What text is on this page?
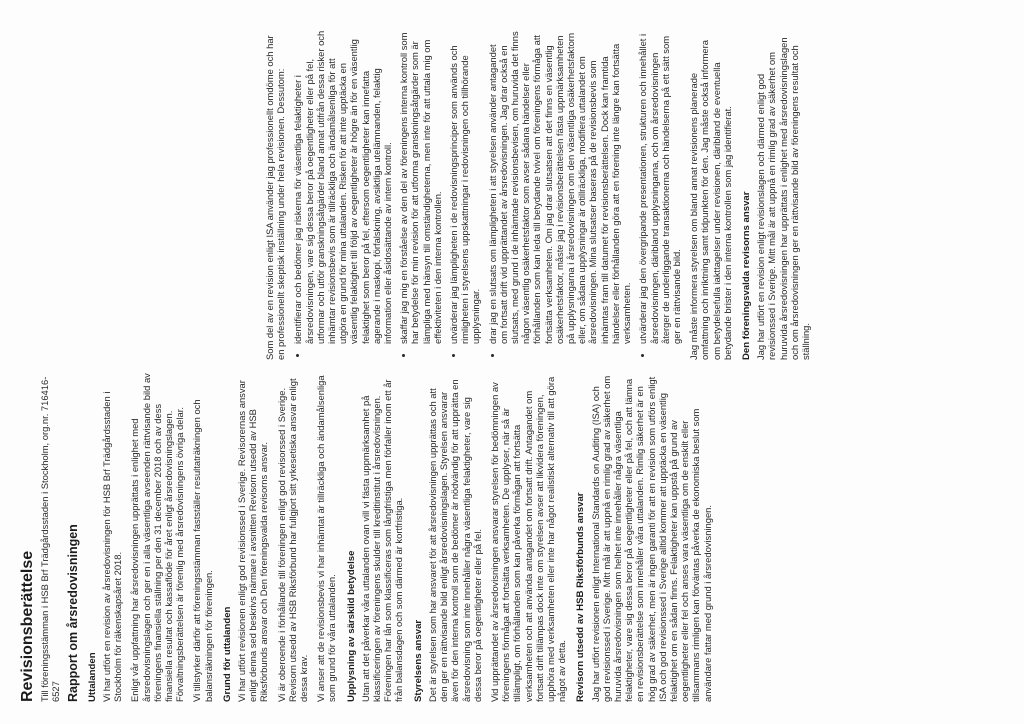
Revisionsberättelse Till föreningsstämman i HSB Brf Trädgårdsstaden i Stockholm, org.nr. 716416-6527 Rapport om årsredovisningen Uttalanden Vi har utfört en revision av årsredovisningen för HSB Brf Trädgårdsstaden i Stockholm för räkenskapsåret 2018. Enligt vår uppfattning har årsredovisningen upprättats i enlighet med årsredovisningslagen och ger en i alla väsentliga avseenden rättvisande bild av föreningens finansiella ställning per den 31 december 2018 och av dess finansiella resultat och kassaflöde för året enligt årsredovisningslagen. Förvaltningsberättelsen är förenlig med årsredovisningens övriga delar. Vi tillstyrker därför att föreningsstämman fastställer resultaträkningen och balansräkningen för föreningen. Grund för uttalanden Vi har utfört revisionen enligt god revisionssed i Sverige. Revisorernas ansvar enligt denna sed beskrivs närmare i avsnitten Revisorn utsedd av HSB Riksförbunds ansvar och Den föreningsvalda revisorns ansvar. Vi är oberoende i förhållande till föreningen enligt god revisorssed i Sverige. Revisorn utsedd av HSB Riksförbund har fullgjort sitt yrkesetiska ansvar enligt dessa krav. Vi anser att de revisionsbevis vi har inhämtat är tillräckliga och ändamålsenliga som grund för våra uttalanden. Upplysning av särskild betydelse Utan att det påverkar våra uttalanden ovan vill vi fästa uppmärksamhet på klassificeringen av föreningens skulder till kreditinstitut i årsredovisningen. Föreningen har lån som klassificeras som långfristiga men förfaller inom ett år från balansdagen och som därmed är kortfristiga. Styrelsens ansvar Det är styrelsen som har ansvaret för att årsredovisningen upprättas och att den ger en rättvisande bild enligt årsredovisningslagen. Styrelsen ansvarar även för den interna kontroll som de bedömer är nödvändig för att upprätta en årsredovisning som inte innehåller några väsentliga felaktigheter, vare sig dessa beror på oegentligheter eller på fel. Vid upprättandet av årsredovisningen ansvarar styrelsen för bedömningen av föreningens förmåga att fortsätta verksamheten. De upplyser, när så är tillämpligt, om förhållanden som kan påverka förmågan att fortsätta verksamheten och att använda antagandet om fortsatt drift. Antagandet om fortsatt drift tillämpas dock inte om styrelsen avser att likvidera föreningen, upphöra med verksamheten eller inte har något realistiskt alternativ till att göra något av detta. Revisorn utsedd av HSB Riksförbunds ansvar Jag har utfört revisionen enligt International Standards on Auditing (ISA) och god revisionssed i Sverige. Mitt mål är att uppnå en rimlig grad av säkerhet om huruvida årsredovisningen som helhet inte innehåller några väsentliga felaktigheter, vare sig dessa beror på oegentligheter eller på fel, och att lämna en revisionsberättelse som innehåller våra uttalanden. Rimlig säkerhet är en hög grad av säkerhet, men är ingen garanti för att en revision som utförs enligt ISA och god revisionssed i Sverige alltid kommer att upptäcka en väsentlig felaktighet om en sådan finns. Felaktigheter kan uppstå på grund av oegentligheter eller fel och anses vara väsentliga om de enskilt eller tillsammans rimligen kan förväntas påverka de ekonomiska beslut som användare fattar med grund i årsredovisningen.

Som del av en revision enligt ISA använder jag professionellt omdöme och har en professionellt skeptisk inställning under hela revisionen. Dessutom: • identifierar och bedömer jag riskerna för väsentliga felaktigheter i årsredovisningen, vare sig dessa beror på oegentligheter eller på fel, utformar och utför granskningsåtgärder bland annat utifrån dessa risker och inhämtar revisionsbevis som är tillräckliga och ändamålsenliga för att utgöra en grund för mina uttalanden. Risken för att inte upptäcka en väsentlig felaktighet till följd av oegentligheter är högre än för en väsentlig felaktighet som beror på fel, eftersom oegentligheter kan innefatta agerande i maskopi, förfalskning, avsiktliga utelämnanden, felaktig information eller åsidosättande av intern kontroll. • skaffar jag mig en förståelse av den del av föreningens interna kontroll som har betydelse för min revision för att utforma granskningsåtgärder som är lämpliga med hänsyn till omständigheterna, men inte för att uttala mig om effektiviteten i den interna kontrollen. • utvärderar jag lämpligheten i de redovisningsprinciper som används och rimligheten i styrelsens uppskattningar i redovisningen och tillhörande upplysningar. • drar jag en slutsats om lämpligheten i att styrelsen använder antagandet om fortsatt drift vid upprättandet av årsredovisningen. Jag drar också en slutsats, med grund i de inhämtade revisionsbevisen, om huruvida det finns någon väsentlig osäkerhetsfaktor som avser sådana händelser eller förhållanden som kan leda till betydande tvivel om föreningens förmåga att fortsätta verksamheten. Om jag drar slutsatsen att det finns en väsentlig osäkerhetsfaktor, måste jag i revisionsberättelsen fästa uppmärksamheten på upplysningarna i årsredovisningen om den väsentliga osäkerhetsfaktorn eller, om sådana upplysningar är otillräckliga, modifiera uttalandet om årsredovisningen. Mina slutsatser baseras på de revisionsbevis som inhämtas fram till datumet för revisionsberättelsen. Dock kan framtida händelser eller förhållanden göra att en förening inte längre kan fortsätta verksamheten. • utvärderar jag den övergripande presentationen, strukturen och innehållet i årsredovisningen, däribland upplysningarna, och om årsredovisningen återger de underliggande transaktionerna och händelserna på ett sätt som ger en rättvisande bild. Jag måste informera styrelsen om bland annat revisionens planerade omfattning och inriktning samt tidpunkten för den. Jag måste också informera om betydelsefulla iakttagelser under revisionen, däribland de eventuella betydande brister i den interna kontrollen som jag identifierat. Den föreningsvalda revisorns ansvar Jag har utfört en revision enligt revisionslagen och därmed enligt god revisionssed i Sverige. Mitt mål är att uppnå en rimlig grad av säkerhet om huruvida årsredovisningen har upprättats i enlighet med årsredovisningslagen och om årsredovisningen ger en rättvisande bild av föreningens resultat och ställning.
